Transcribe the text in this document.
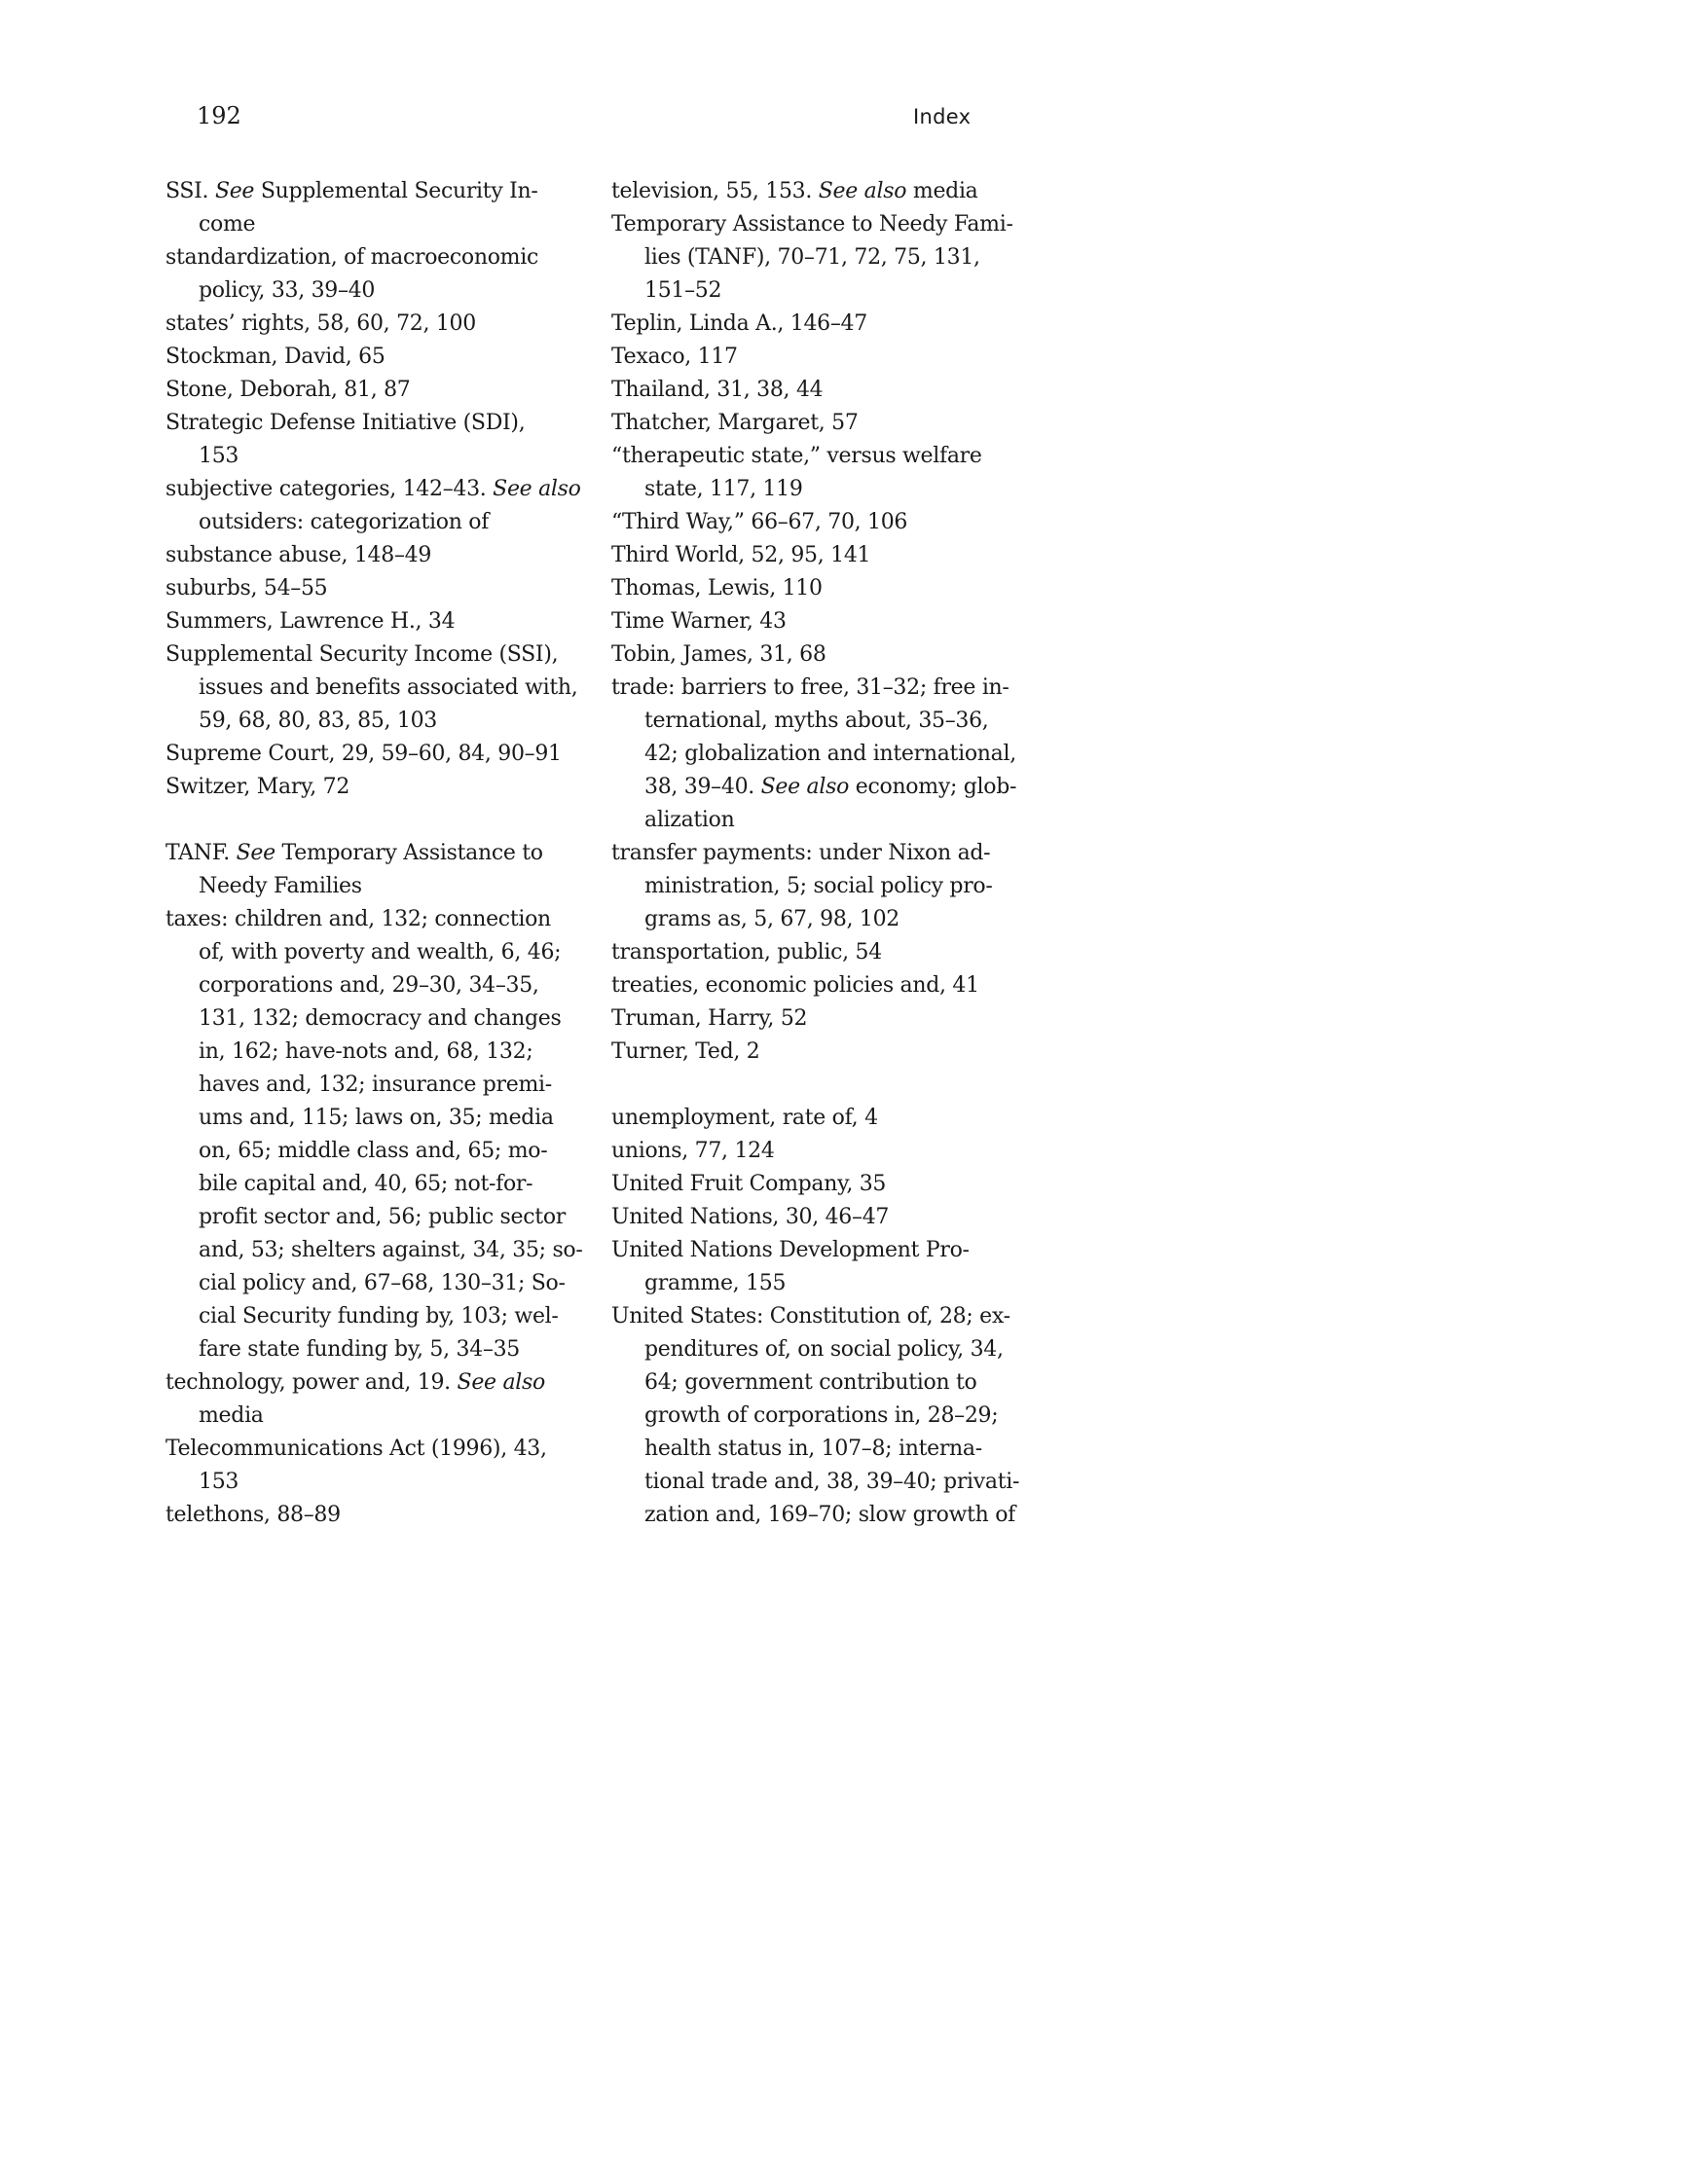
192	Index
SSI. See Supplemental Security In-
come
standardization, of macroeconomic
policy, 33, 39–40
states’ rights, 58, 60, 72, 100
Stockman, David, 65
Stone, Deborah, 81, 87
Strategic Defense Initiative (SDI),
153
subjective categories, 142–43. See also
outsiders: categorization of
substance abuse, 148–49
suburbs, 54–55
Summers, Lawrence H., 34
Supplemental Security Income (SSI),
issues and benefits associated with,
59, 68, 80, 83, 85, 103
Supreme Court, 29, 59–60, 84, 90–91
Switzer, Mary, 72
TANF. See Temporary Assistance to
Needy Families
taxes: children and, 132; connection
of, with poverty and wealth, 6, 46;
corporations and, 29–30, 34–35,
131, 132; democracy and changes
in, 162; have-nots and, 68, 132;
haves and, 132; insurance premi-
ums and, 115; laws on, 35; media
on, 65; middle class and, 65; mo-
bile capital and, 40, 65; not-for-
profit sector and, 56; public sector
and, 53; shelters against, 34, 35; so-
cial policy and, 67–68, 130–31; So-
cial Security funding by, 103; wel-
fare state funding by, 5, 34–35
technology, power and, 19. See also
media
Telecommunications Act (1996), 43,
153
telethons, 88–89
television, 55, 153. See also media
Temporary Assistance to Needy Fami-
lies (TANF), 70–71, 72, 75, 131,
151–52
Teplin, Linda A., 146–47
Texaco, 117
Thailand, 31, 38, 44
Thatcher, Margaret, 57
“therapeutic state,” versus welfare
state, 117, 119
“Third Way,” 66–67, 70, 106
Third World, 52, 95, 141
Thomas, Lewis, 110
Time Warner, 43
Tobin, James, 31, 68
trade: barriers to free, 31–32; free in-
ternational, myths about, 35–36,
42; globalization and international,
38, 39–40. See also economy; glob-
alization
transfer payments: under Nixon ad-
ministration, 5; social policy pro-
grams as, 5, 67, 98, 102
transportation, public, 54
treaties, economic policies and, 41
Truman, Harry, 52
Turner, Ted, 2
unemployment, rate of, 4
unions, 77, 124
United Fruit Company, 35
United Nations, 30, 46–47
United Nations Development Pro-
gramme, 155
United States: Constitution of, 28; ex-
penditures of, on social policy, 34,
64; government contribution to
growth of corporations in, 28–29;
health status in, 107–8; interna-
tional trade and, 38, 39–40; privati-
zation and, 169–70; slow growth of
